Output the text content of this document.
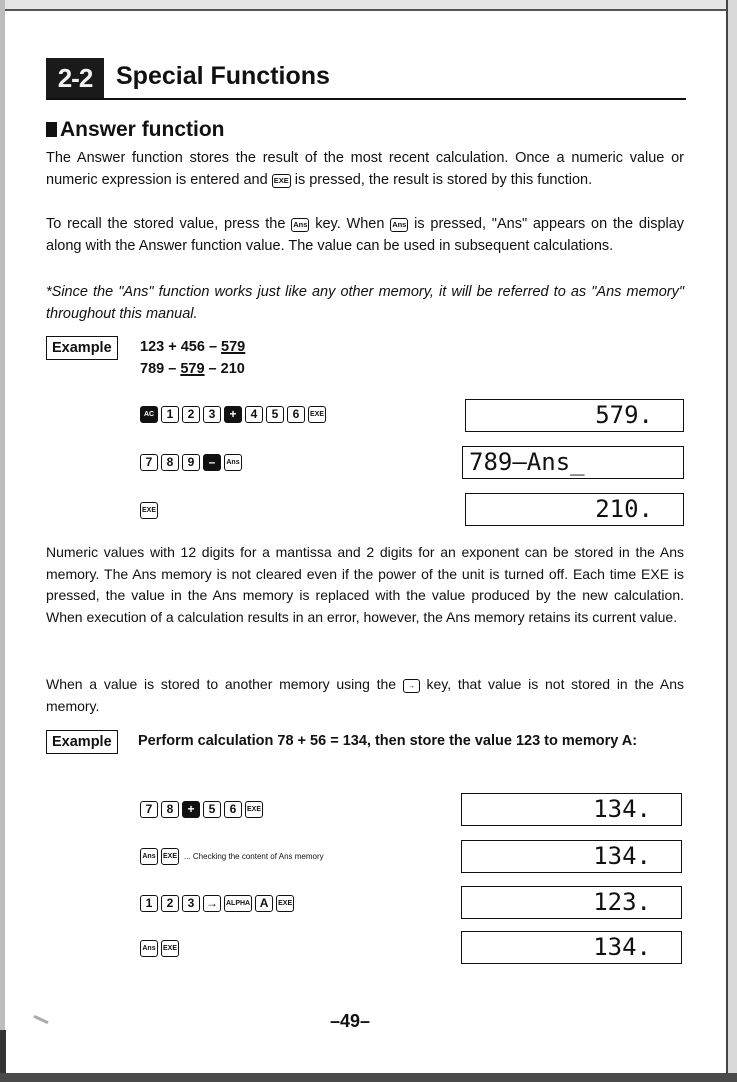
2-2 Special Functions
Answer function
The Answer function stores the result of the most recent calculation. Once a numeric value or numeric expression is entered and EXE is pressed, the result is stored by this function.
To recall the stored value, press the Ans key. When Ans is pressed, "Ans" appears on the display along with the Answer function value. The value can be used in subsequent calculations.
*Since the "Ans" function works just like any other memory, it will be referred to as "Ans memory" throughout this manual.
Example	123 + 456 – 579
789 – 579 – 210
AC	1	2	3	+	4	5	6	EXE	579.
7	8	9	–	Ans	789–Ans_
EXE	210.
Numeric values with 12 digits for a mantissa and 2 digits for an exponent can be stored in the Ans memory. The Ans memory is not cleared even if the power of the unit is turned off. Each time EXE is pressed, the value in the Ans memory is replaced with the value produced by the new calculation. When execution of a calculation results in an error, however, the Ans memory retains its current value.
When a value is stored to another memory using the → key, that value is not stored in the Ans memory.
Example	Perform calculation 78 + 56 = 134, then store the value 123 to memory A:
7	8	+	5	6	EXE	134.
Ans	EXE ... Checking the content of Ans memory	134.
1	2	3 →	ALPHA A	EXE	123.
Ans	EXE	134.
–49–
